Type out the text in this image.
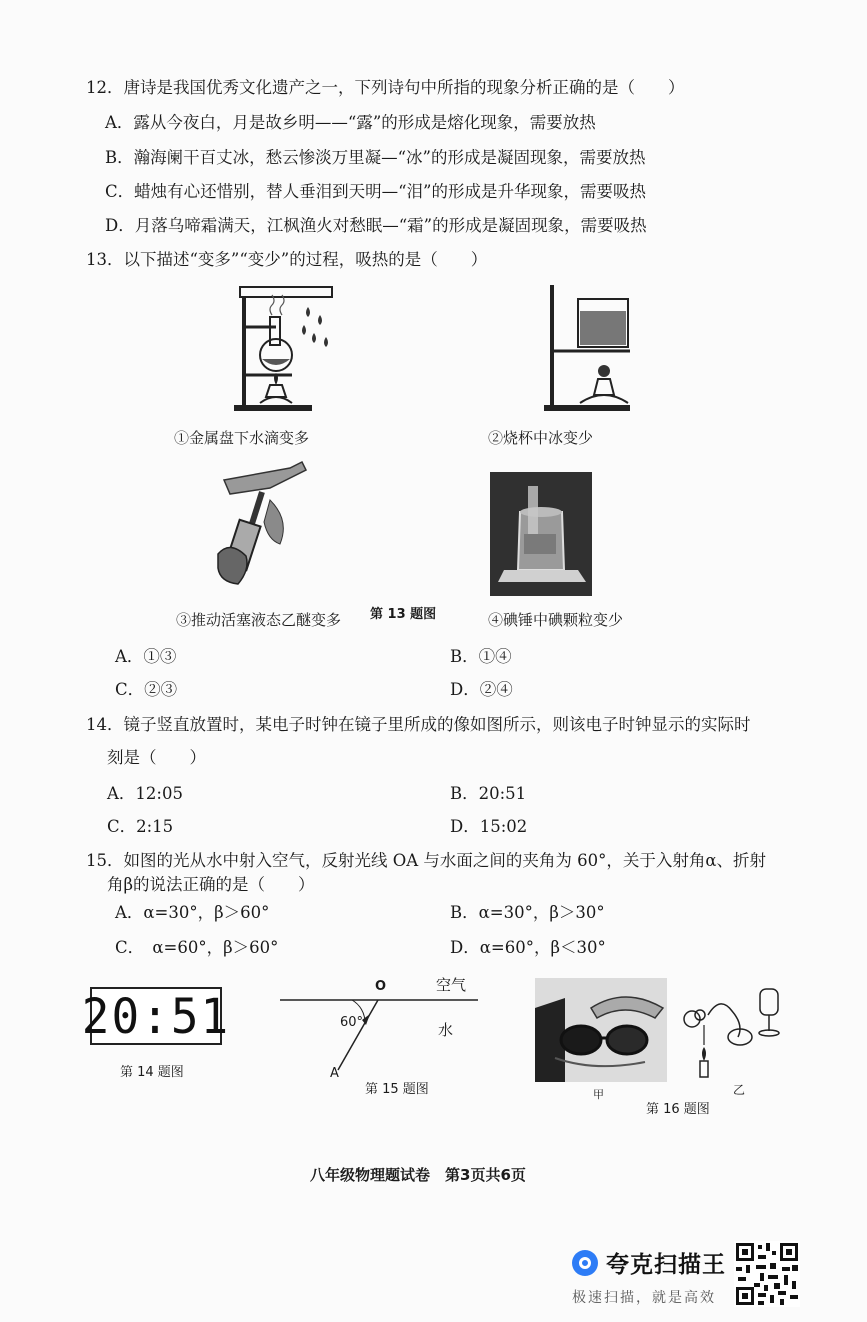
12．唐诗是我国优秀文化遗产之一，下列诗句中所指的现象分析正确的是（　　）
A．露从今夜白，月是故乡明——“露”的形成是熔化现象，需要放热
B．瀚海阑干百丈冰，愁云惨淡万里凝—“冰”的形成是凝固现象，需要放热
C．蜡烛有心还惜别，替人垂泪到天明—“泪”的形成是升华现象，需要吸热
D．月落乌啼霜满天，江枫渔火对愁眠—“霜”的形成是凝固现象，需要吸热
13．以下描述“变多”“变少”的过程，吸热的是（　　）
①金属盘下水滴变多	②烧杯中冰变少
③推动活塞液态乙醚变多 第 13 题图	④碘锤中碘颗粒变少
A．①③	B．①④
C．②③	D．②④
14．镜子竖直放置时，某电子时钟在镜子里所成的像如图所示，则该电子时钟显示的实际时
刻是（　　）
A．12:05	B．20:51
C．2:15	D．15:02
15．如图的光从水中射入空气，反射光线 OA 与水面之间的夹角为 60°，关于入射角α、折射
角β的说法正确的是（　　）
A．α=30°，β＞60°	B．α=30°，β＞30°
C．　α=60°，β＞60°	D．α=60°，β＜30°
20:51
第 14 题图
O	空气
水
60°
A
第 15 题图	甲	乙
第 16 题图
八年级物理题试卷　第3页共6页
夸克扫描王
极速扫描，就是高效
